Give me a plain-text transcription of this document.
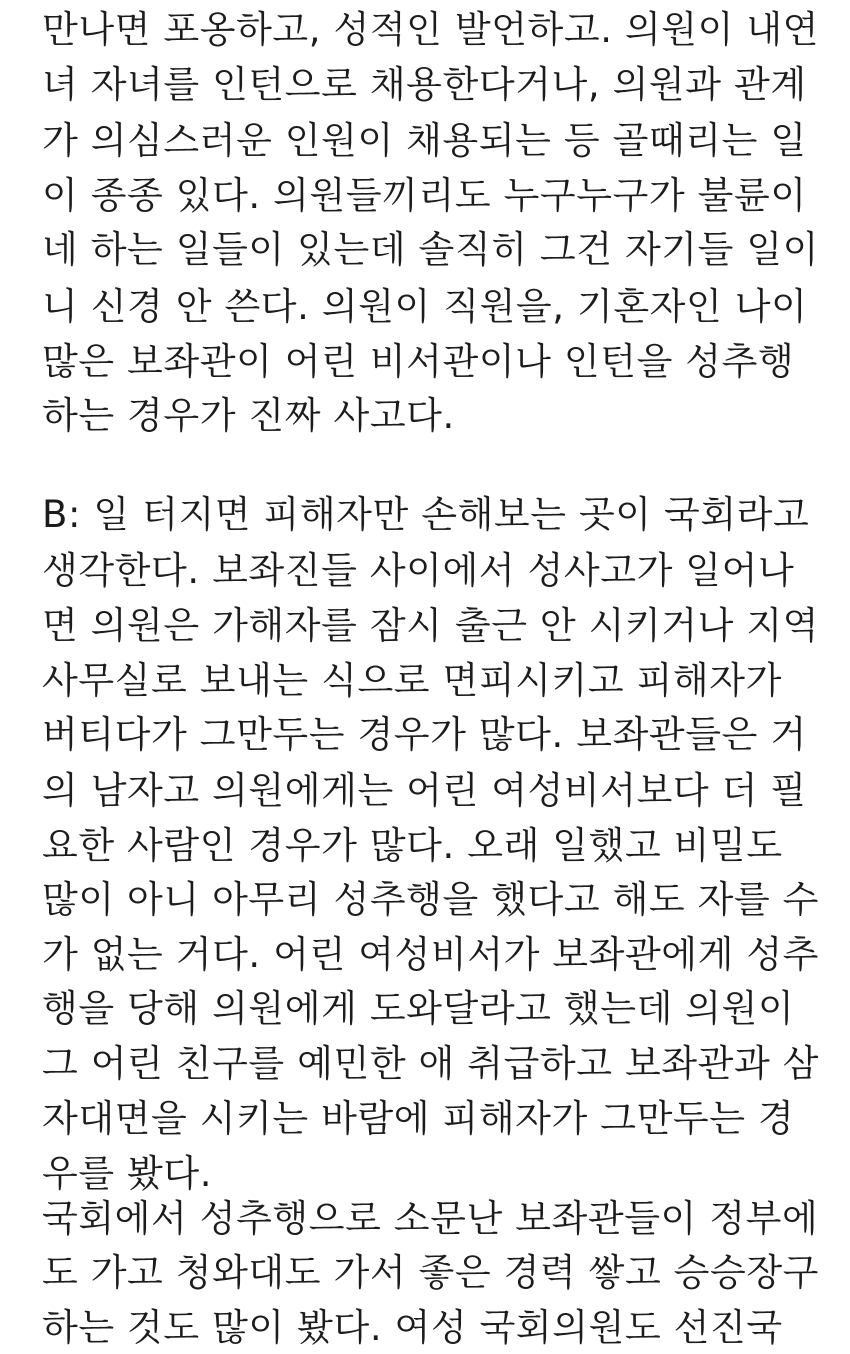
만나면 포옹하고, 성적인 발언하고. 의원이 내연
녀 자녀를 인턴으로 채용한다거나, 의원과 관계
가 의심스러운 인원이 채용되는 등 골때리는 일
이 종종 있다. 의원들끼리도 누구누구가 불륜이
네 하는 일들이 있는데 솔직히 그건 자기들 일이
니 신경 안 쓴다. 의원이 직원을, 기혼자인 나이
많은 보좌관이 어린 비서관이나 인턴을 성추행
하는 경우가 진짜 사고다.
B: 일 터지면 피해자만 손해보는 곳이 국회라고
생각한다. 보좌진들 사이에서 성사고가 일어나
면 의원은 가해자를 잠시 출근 안 시키거나 지역
사무실로 보내는 식으로 면피시키고 피해자가
버티다가 그만두는 경우가 많다. 보좌관들은 거
의 남자고 의원에게는 어린 여성비서보다 더 필
요한 사람인 경우가 많다. 오래 일했고 비밀도
많이 아니 아무리 성추행을 했다고 해도 자를 수
가 없는 거다. 어린 여성비서가 보좌관에게 성추
행을 당해 의원에게 도와달라고 했는데 의원이
그 어린 친구를 예민한 애 취급하고 보좌관과 삼
자대면을 시키는 바람에 피해자가 그만두는 경
우를 봤다.
국회에서 성추행으로 소문난 보좌관들이 정부에
도 가고 청와대도 가서 좋은 경력 쌓고 승승장구
하는 것도 많이 봤다. 여성 국회의원도 선진국
